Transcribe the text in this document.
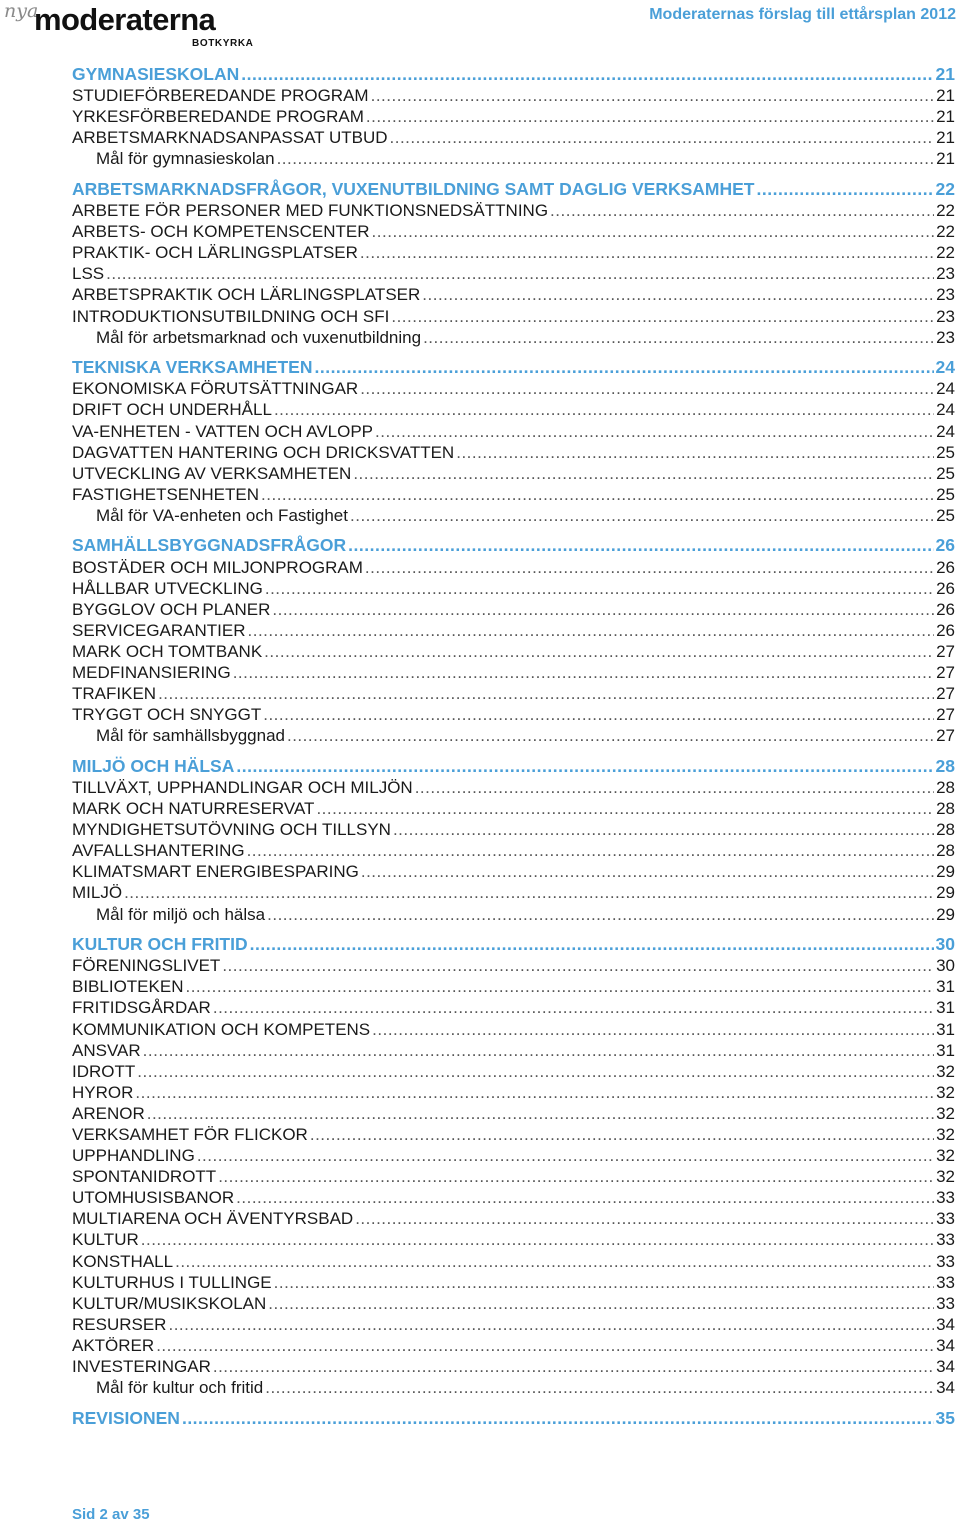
nya
moderaterna
BOTKYRKA
Moderaternas förslag till ettårsplan 2012
GYMNASIESKOLAN .....	21
STUDIEFÖRBEREDANDE PROGRAM .....	21
YRKESFÖRBEREDANDE PROGRAM .....	21
ARBETSMARKNADSANPASSAT UTBUD .....	21
Mål för gymnasieskolan .....	21
ARBETSMARKNADSFRÅGOR, VUXENUTBILDNING SAMT DAGLIG VERKSAMHET .....	22
ARBETE FÖR PERSONER MED FUNKTIONSNEDSÄTTNING .....	22
ARBETS- OCH KOMPETENSCENTER .....	22
PRAKTIK- OCH LÄRLINGSPLATSER .....	22
LSS .....	23
ARBETSPRAKTIK OCH LÄRLINGSPLATSER .....	23
INTRODUKTIONSUTBILDNING OCH SFI .....	23
Mål för arbetsmarknad och vuxenutbildning .....	23
TEKNISKA VERKSAMHETEN .....	24
EKONOMISKA FÖRUTSÄTTNINGAR .....	24
DRIFT OCH UNDERHÅLL .....	24
VA-ENHETEN - VATTEN OCH AVLOPP .....	24
DAGVATTEN HANTERING OCH DRICKSVATTEN .....	25
UTVECKLING AV VERKSAMHETEN .....	25
FASTIGHETSENHETEN .....	25
Mål för VA-enheten och Fastighet .....	25
SAMHÄLLSBYGGNADSFRÅGOR .....	26
BOSTÄDER OCH MILJONPROGRAM .....	26
HÅLLBAR UTVECKLING .....	26
BYGGLOV OCH PLANER .....	26
SERVICEGARANTIER .....	26
MARK OCH TOMTBANK .....	27
MEDFINANSIERING .....	27
TRAFIKEN .....	27
TRYGGT OCH SNYGGT .....	27
Mål för samhällsbyggnad .....	27
MILJÖ OCH HÄLSA .....	28
TILLVÄXT, UPPHANDLINGAR OCH MILJÖN .....	28
MARK OCH NATURRESERVAT .....	28
MYNDIGHETSUTÖVNING OCH TILLSYN .....	28
AVFALLSHANTERING .....	28
KLIMATSMART ENERGIBESPARING .....	29
MILJÖ .....	29
Mål för miljö och hälsa .....	29
KULTUR OCH FRITID .....	30
FÖRENINGSLIVET .....	30
BIBLIOTEKEN .....	31
FRITIDSGÅRDAR .....	31
KOMMUNIKATION OCH KOMPETENS .....	31
ANSVAR .....	31
IDROTT .....	32
HYROR .....	32
ARENOR .....	32
VERKSAMHET FÖR FLICKOR .....	32
UPPHANDLING .....	32
SPONTANIDROTT .....	32
UTOMHUSISBANOR .....	33
MULTIARENA OCH ÄVENTYRSBAD .....	33
KULTUR .....	33
KONSTHALL .....	33
KULTURHUS I TULLINGE .....	33
KULTUR/MUSIKSKOLAN .....	33
RESURSER .....	34
AKTÖRER .....	34
INVESTERINGAR .....	34
Mål för kultur och fritid .....	34
REVISIONEN .....	35
Sid 2 av 35
